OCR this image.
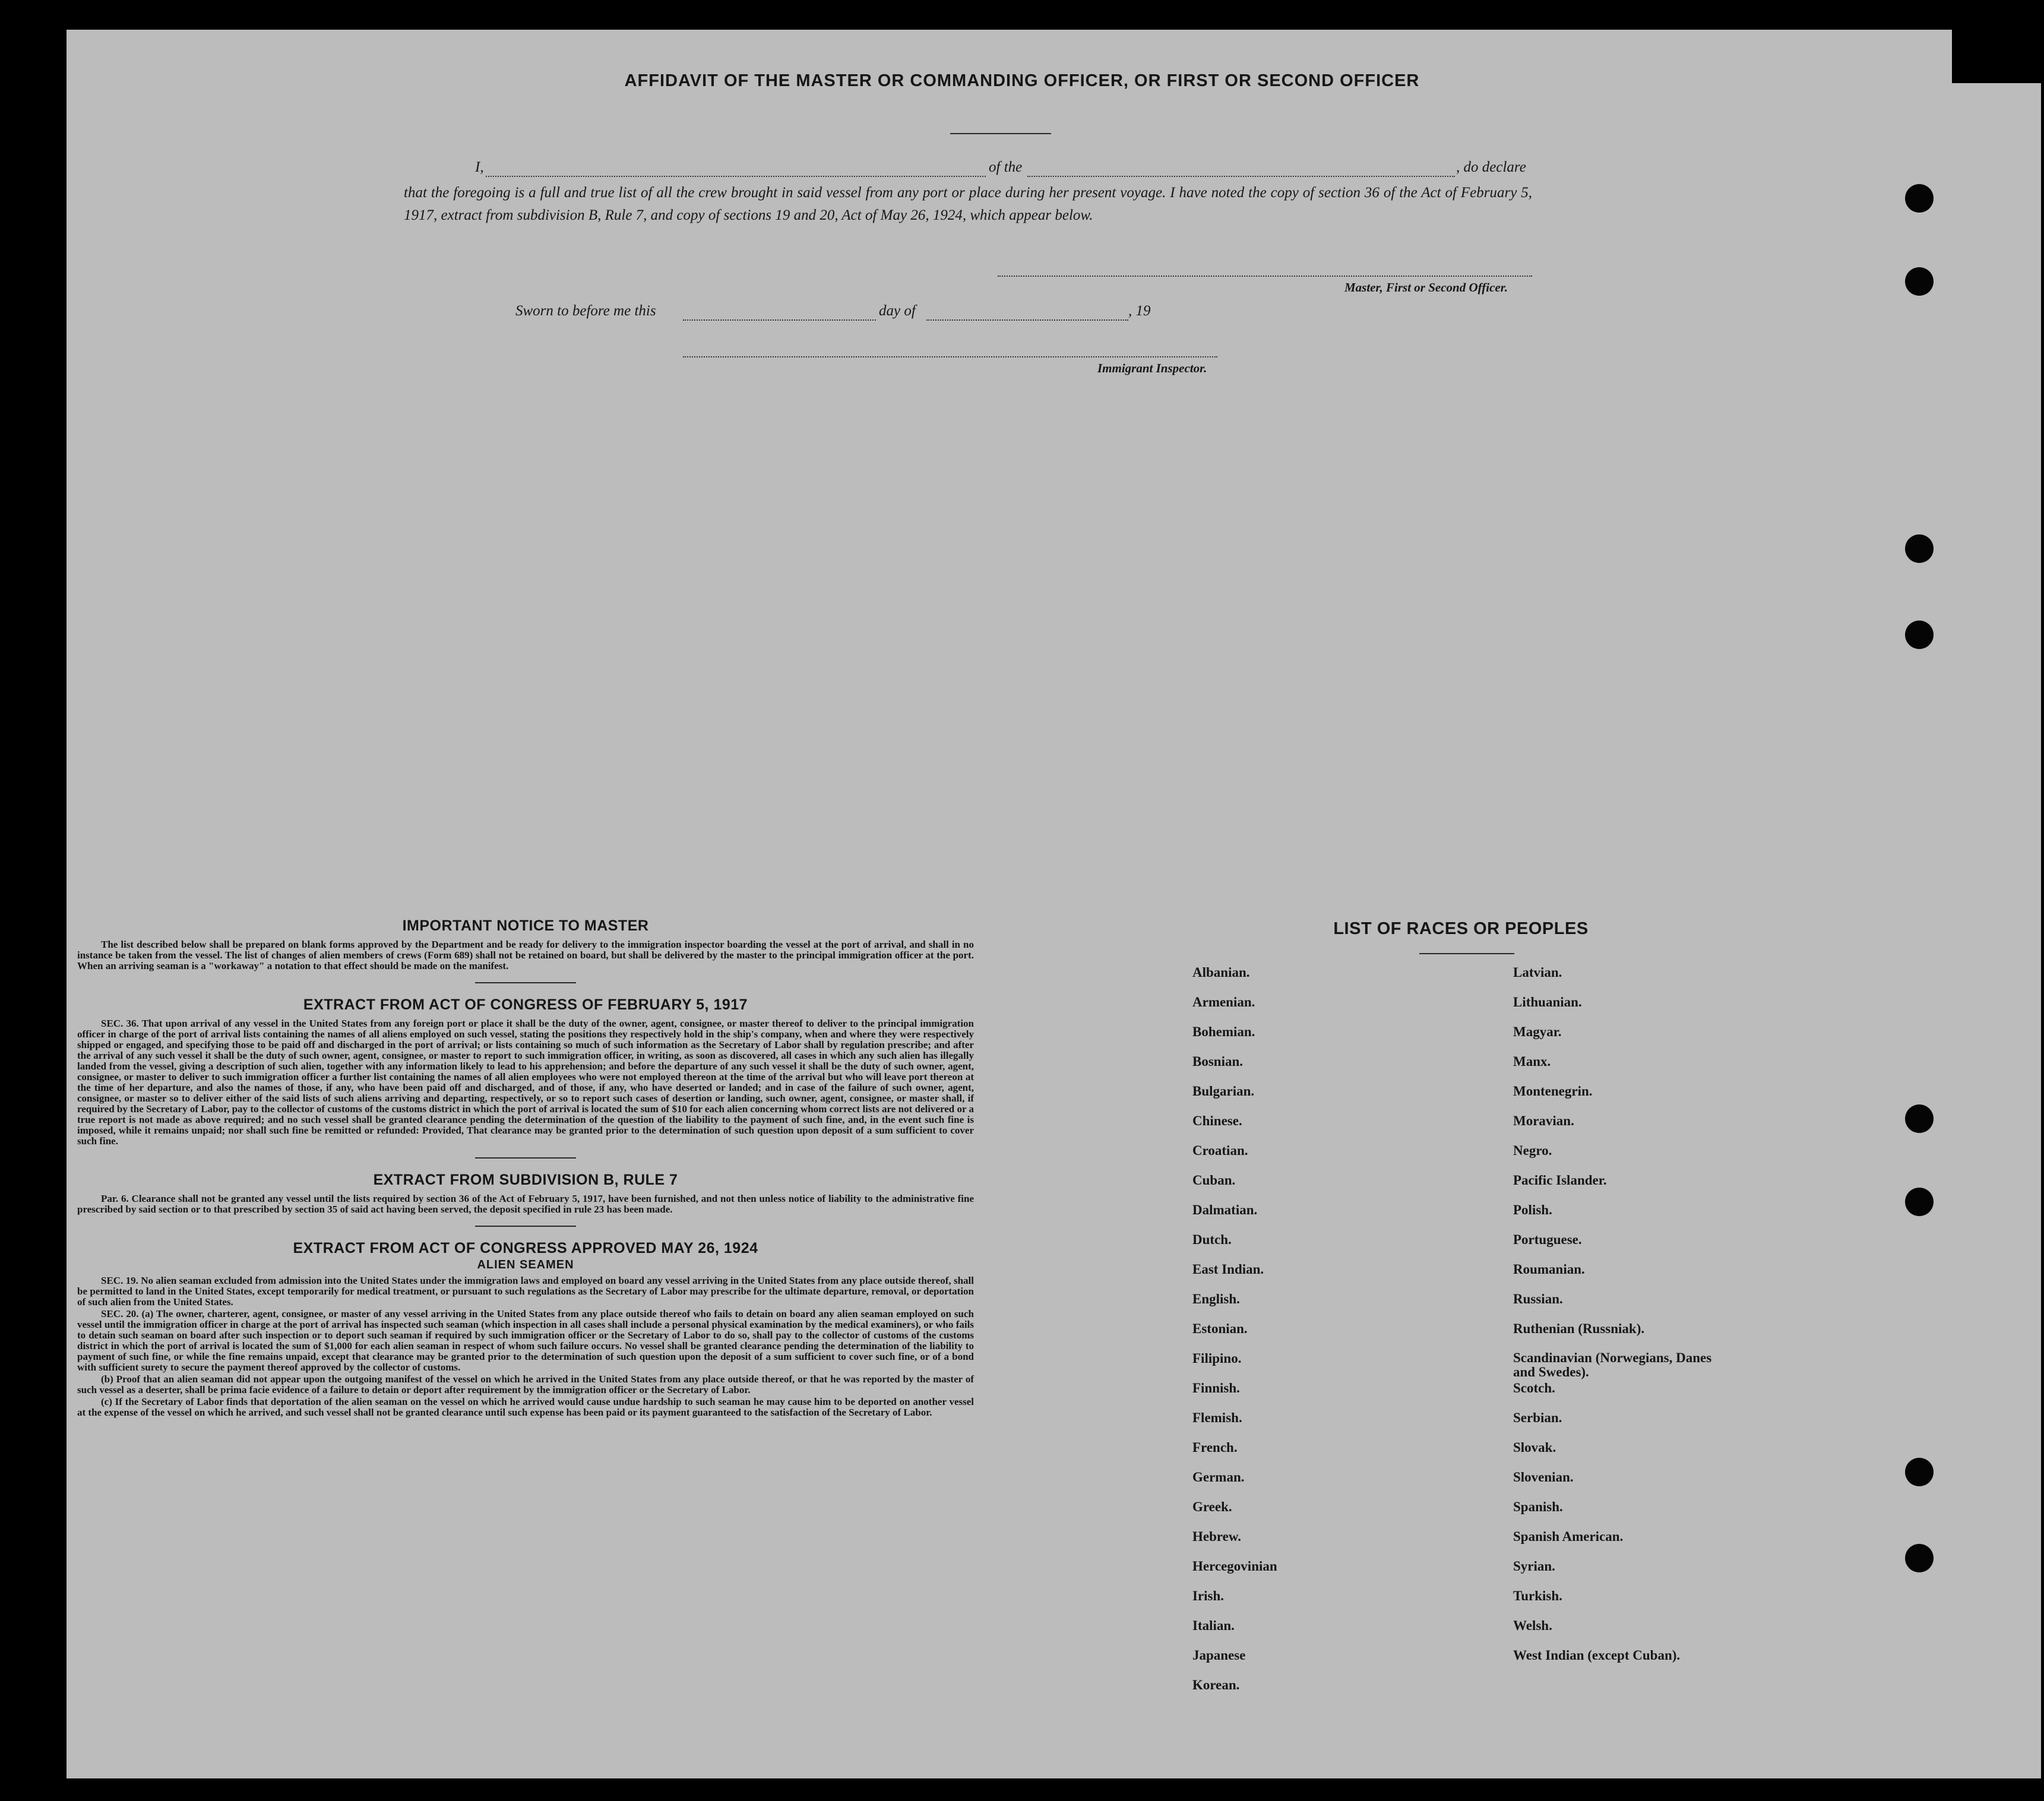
AFFIDAVIT OF THE MASTER OR COMMANDING OFFICER, OR FIRST OR SECOND OFFICER
I,	of the	, do declare

that the foregoing is a full and true list of all the crew brought in said vessel from any port or place during her present voyage. I have noted the copy of section 36 of the Act of February 5, 1917, extract from subdivision B, Rule 7, and copy of sections 19 and 20, Act of May 26, 1924, which appear below.

Master, First or Second Officer.
Sworn to before me this	day of	, 19
Immigrant Inspector.

IMPORTANT NOTICE TO MASTER

The list described below shall be prepared on blank forms approved by the Department and be ready for delivery to the immigration inspector boarding the vessel at the port of arrival, and shall in no instance be taken from the vessel. The list of changes of alien members of crews (Form 689) shall not be retained on board, but shall be delivered by the master to the principal immigration officer at the port. When an arriving seaman is a "workaway" a notation to that effect should be made on the manifest.

EXTRACT FROM ACT OF CONGRESS OF FEBRUARY 5, 1917

SEC. 36. That upon arrival of any vessel in the United States from any foreign port or place it shall be the duty of the owner, agent, consignee, or master thereof to deliver to the principal immigration officer in charge of the port of arrival lists containing the names of all aliens employed on such vessel, stating the positions they respectively hold in the ship's company, when and where they were respectively shipped or engaged, and specifying those to be paid off and discharged in the port of arrival; or lists containing so much of such information as the Secretary of Labor shall by regulation prescribe; and after the arrival of any such vessel it shall be the duty of such owner, agent, consignee, or master to report to such immigration officer, in writing, as soon as discovered, all cases in which any such alien has illegally landed from the vessel, giving a description of such alien, together with any information likely to lead to his apprehension; and before the departure of any such vessel it shall be the duty of such owner, agent, consignee, or master to deliver to such immigration officer a further list containing the names of all alien employees who were not employed thereon at the time of the arrival but who will leave port thereon at the time of her departure, and also the names of those, if any, who have been paid off and discharged, and of those, if any, who have deserted or landed; and in case of the failure of such owner, agent, consignee, or master so to deliver either of the said lists of such aliens arriving and departing, respectively, or so to report such cases of desertion or landing, such owner, agent, consignee, or master shall, if required by the Secretary of Labor, pay to the collector of customs of the customs district in which the port of arrival is located the sum of $10 for each alien concerning whom correct lists are not delivered or a true report is not made as above required; and no such vessel shall be granted clearance pending the determination of the question of the liability to the payment of such fine, and, in the event such fine is imposed, while it remains unpaid; nor shall such fine be remitted or refunded: Provided, That clearance may be granted prior to the determination of such question upon deposit of a sum sufficient to cover such fine.

EXTRACT FROM SUBDIVISION B, RULE 7

Par. 6. Clearance shall not be granted any vessel until the lists required by section 36 of the Act of February 5, 1917, have been furnished, and not then unless notice of liability to the administrative fine prescribed by said section or to that prescribed by section 35 of said act having been served, the deposit specified in rule 23 has been made.

EXTRACT FROM ACT OF CONGRESS APPROVED MAY 26, 1924

ALIEN SEAMEN

SEC. 19. No alien seaman excluded from admission into the United States under the immigration laws and employed on board any vessel arriving in the United States from any place outside thereof, shall be permitted to land in the United States, except temporarily for medical treatment, or pursuant to such regulations as the Secretary of Labor may prescribe for the ultimate departure, removal, or deportation of such alien from the United States.

SEC. 20. (a) The owner, charterer, agent, consignee, or master of any vessel arriving in the United States from any place outside thereof who fails to detain on board any alien seaman employed on such vessel until the immigration officer in charge at the port of arrival has inspected such seaman (which inspection in all cases shall include a personal physical examination by the medical examiners), or who fails to detain such seaman on board after such inspection or to deport such seaman if required by such immigration officer or the Secretary of Labor to do so, shall pay to the collector of customs of the customs district in which the port of arrival is located the sum of $1,000 for each alien seaman in respect of whom such failure occurs. No vessel shall be granted clearance pending the determination of the liability to payment of such fine, or while the fine remains unpaid, except that clearance may be granted prior to the determination of such question upon the deposit of a sum sufficient to cover such fine, or of a bond with sufficient surety to secure the payment thereof approved by the collector of customs.

(b) Proof that an alien seaman did not appear upon the outgoing manifest of the vessel on which he arrived in the United States from any place outside thereof, or that he was reported by the master of such vessel as a deserter, shall be prima facie evidence of a failure to detain or deport after requirement by the immigration officer or the Secretary of Labor.

(c) If the Secretary of Labor finds that deportation of the alien seaman on the vessel on which he arrived would cause undue hardship to such seaman he may cause him to be deported on another vessel at the expense of the vessel on which he arrived, and such vessel shall not be granted clearance until such expense has been paid or its payment guaranteed to the satisfaction of the Secretary of Labor.

LIST OF RACES OR PEOPLES
Albanian.
Armenian.
Bohemian.
Bosnian.
Bulgarian.
Chinese.
Croatian.
Cuban.
Dalmatian.
Dutch.
East Indian.
English.
Estonian.
Filipino.
Finnish.
Flemish.
French.
German.
Greek.
Hebrew.
Hercegovinian
Irish.
Italian.
Japanese
Korean.
Latvian.
Lithuanian.
Magyar.
Manx.
Montenegrin.
Moravian.
Negro.
Pacific Islander.
Polish.
Portuguese.
Roumanian.
Russian.
Ruthenian (Russniak).
Scandinavian (Norwegians, Danes and Swedes).
Scotch.
Serbian.
Slovak.
Slovenian.
Spanish.
Spanish American.
Syrian.
Turkish.
Welsh.
West Indian (except Cuban).
